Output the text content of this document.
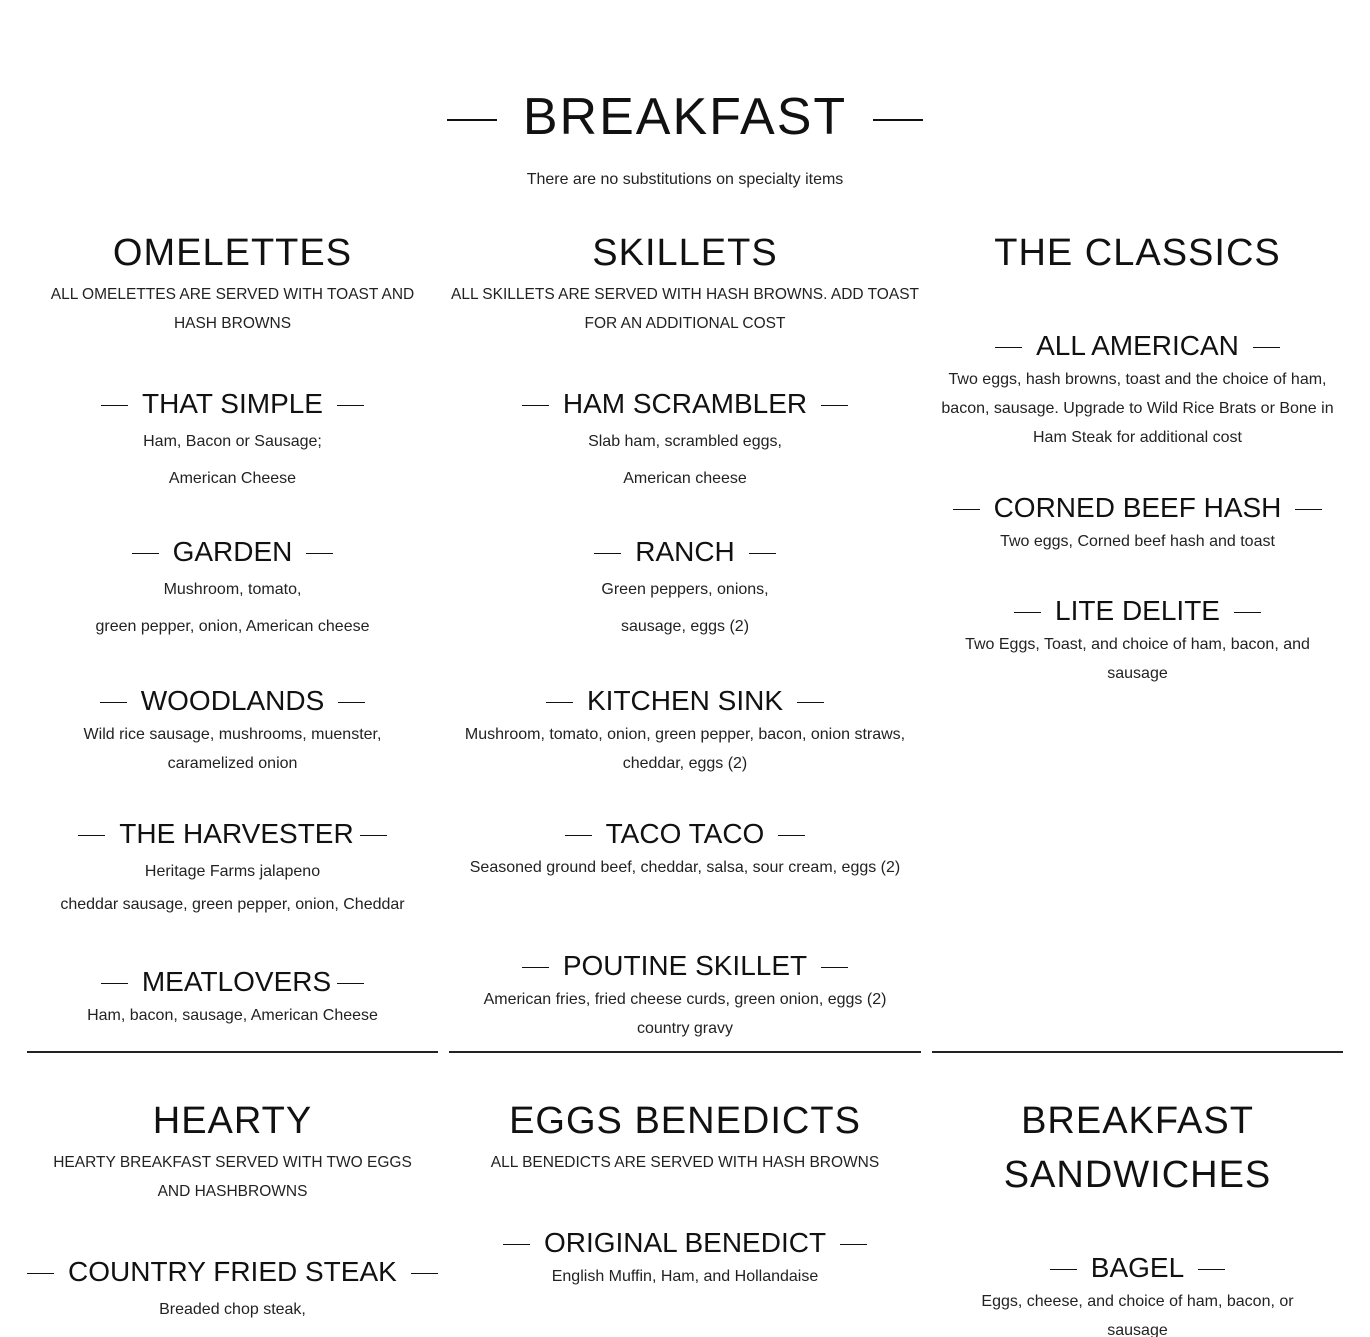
BREAKFAST
There are no substitutions on specialty items
OMELETTES

ALL OMELETTES ARE SERVED WITH TOAST AND HASH BROWNS

THAT SIMPLE

Ham, Bacon or Sausage;

American Cheese

GARDEN

Mushroom, tomato,

green pepper, onion, American cheese

WOODLANDS

Wild rice sausage, mushrooms, muenster, caramelized onion

THE HARVESTER

Heritage Farms jalapeno

cheddar sausage, green pepper, onion, Cheddar

MEATLOVERS

Ham, bacon, sausage, American Cheese

SKILLETS

ALL SKILLETS ARE SERVED WITH HASH BROWNS. ADD TOAST FOR AN ADDITIONAL COST

HAM SCRAMBLER

Slab ham, scrambled eggs,

American cheese

RANCH

Green peppers, onions,

sausage, eggs (2)

KITCHEN SINK

Mushroom, tomato, onion, green pepper, bacon, onion straws, cheddar, eggs (2)

TACO TACO

Seasoned ground beef, cheddar, salsa, sour cream, eggs (2)

POUTINE SKILLET

American fries, fried cheese curds, green onion, eggs (2) country gravy

THE CLASSICS
ALL AMERICAN

Two eggs, hash browns, toast and the choice of ham, bacon, sausage. Upgrade to Wild Rice Brats or Bone in Ham Steak for additional cost

CORNED BEEF HASH

Two eggs, Corned beef hash and toast

LITE DELITE

Two Eggs, Toast, and choice of ham, bacon, and sausage

HEARTY

HEARTY BREAKFAST SERVED WITH TWO EGGS AND HASHBROWNS

COUNTRY FRIED STEAK

Breaded chop steak,

EGGS BENEDICTS

ALL BENEDICTS ARE SERVED WITH HASH BROWNS

ORIGINAL BENEDICT

English Muffin, Ham, and Hollandaise

BREAKFAST SANDWICHES
BAGEL

Eggs, cheese, and choice of ham, bacon, or sausage
